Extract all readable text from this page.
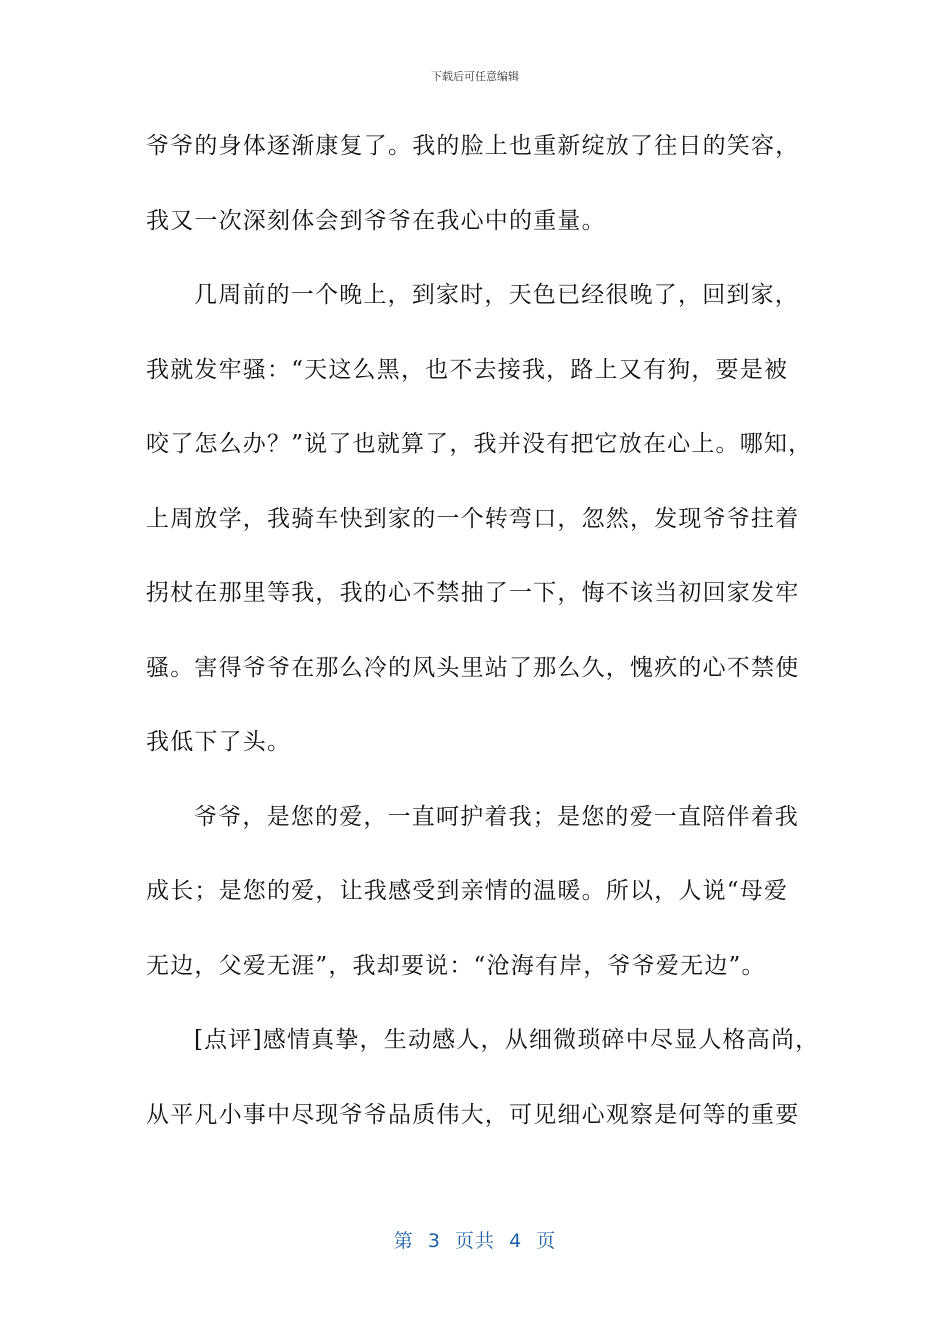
下载后可任意编辑
爷爷的身体逐渐康复了。我的脸上也重新绽放了往日的笑容，
我又一次深刻体会到爷爷在我心中的重量。
几周前的一个晚上，到家时，天色已经很晚了，回到家，
我就发牢骚：“天这么黑，也不去接我，路上又有狗，要是被
咬了怎么办？”说了也就算了，我并没有把它放在心上。哪知，
上周放学，我骑车快到家的一个转弯口，忽然，发现爷爷拄着
拐杖在那里等我，我的心不禁抽了一下，悔不该当初回家发牢
骚。害得爷爷在那么冷的风头里站了那么久，愧疚的心不禁使
我低下了头。
爷爷，是您的爱，一直呵护着我；是您的爱一直陪伴着我
成长；是您的爱，让我感受到亲情的温暖。所以，人说“母爱
无边，父爱无涯”，我却要说：“沧海有岸，爷爷爱无边”。
[点评]感情真挚，生动感人，从细微琐碎中尽显人格高尚，
从平凡小事中尽现爷爷品质伟大，可见细心观察是何等的重要
第  3  页共  4  页
